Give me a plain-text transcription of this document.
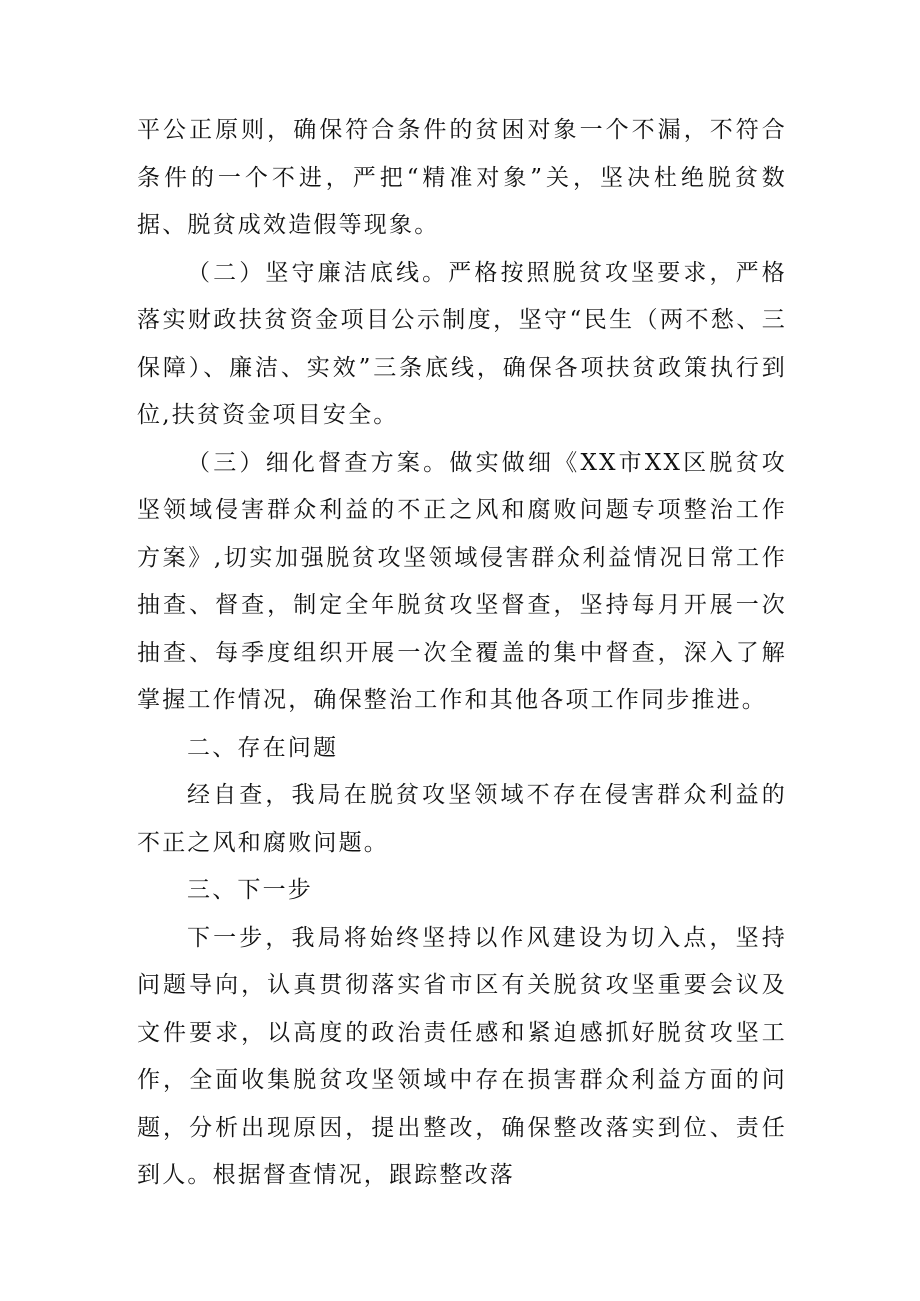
平公正原则，确保符合条件的贫困对象一个不漏，不符合条件的一个不进，严把“精准对象”关，坚决杜绝脱贫数据、脱贫成效造假等现象。

（二）坚守廉洁底线。严格按照脱贫攻坚要求，严格落实财政扶贫资金项目公示制度，坚守“民生（两不愁、三保障）、廉洁、实效”三条底线，确保各项扶贫政策执行到位,扶贫资金项目安全。

（三）细化督查方案。做实做细《XX市XX区脱贫攻坚领域侵害群众利益的不正之风和腐败问题专项整治工作方案》,切实加强脱贫攻坚领域侵害群众利益情况日常工作抽查、督查，制定全年脱贫攻坚督查，坚持每月开展一次抽查、每季度组织开展一次全覆盖的集中督查，深入了解掌握工作情况，确保整治工作和其他各项工作同步推进。

二、存在问题

经自查，我局在脱贫攻坚领域不存在侵害群众利益的不正之风和腐败问题。

三、下一步

下一步，我局将始终坚持以作风建设为切入点，坚持问题导向，认真贯彻落实省市区有关脱贫攻坚重要会议及文件要求，以高度的政治责任感和紧迫感抓好脱贫攻坚工作，全面收集脱贫攻坚领域中存在损害群众利益方面的问题，分析出现原因，提出整改，确保整改落实到位、责任到人。根据督查情况，跟踪整改落
